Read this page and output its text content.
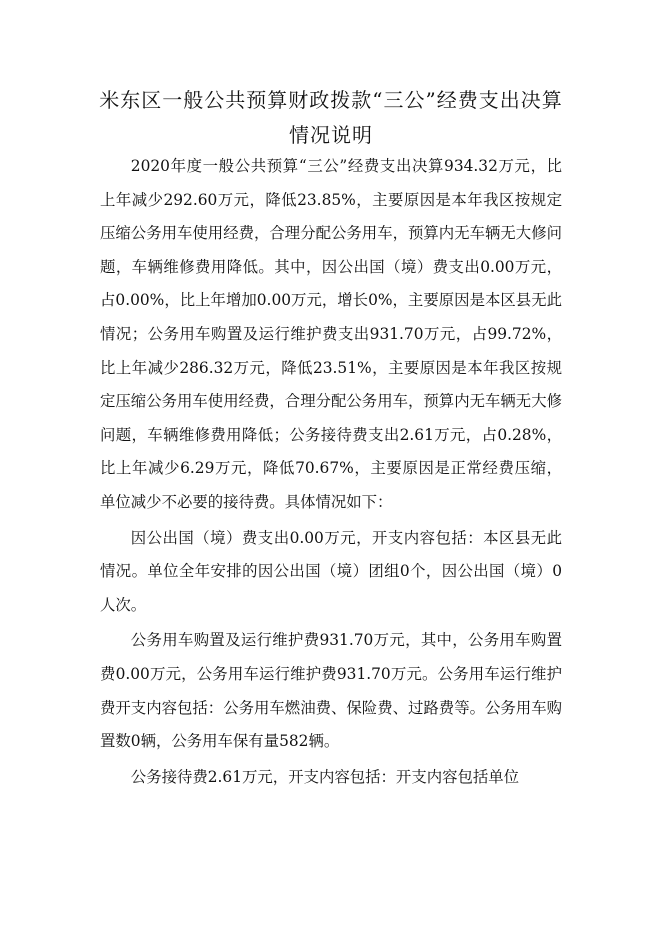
米东区一般公共预算财政拨款“三公”经费支出决算
情况说明

2020年度一般公共预算“三公”经费支出决算934.32万元，比上年减少292.60万元，降低23.85%，主要原因是本年我区按规定压缩公务用车使用经费，合理分配公务用车，预算内无车辆无大修问题，车辆维修费用降低。其中，因公出国（境）费支出0.00万元，占0.00%，比上年增加0.00万元，增长0%，主要原因是本区县无此情况；公务用车购置及运行维护费支出931.70万元，占99.72%，比上年减少286.32万元，降低23.51%，主要原因是本年我区按规定压缩公务用车使用经费，合理分配公务用车，预算内无车辆无大修问题，车辆维修费用降低；公务接待费支出2.61万元，占0.28%，比上年减少6.29万元，降低70.67%，主要原因是正常经费压缩，单位减少不必要的接待费。具体情况如下：

因公出国（境）费支出0.00万元，开支内容包括：本区县无此情况。单位全年安排的因公出国（境）团组0个，因公出国（境）0人次。

公务用车购置及运行维护费931.70万元，其中，公务用车购置费0.00万元，公务用车运行维护费931.70万元。公务用车运行维护费开支内容包括：公务用车燃油费、保险费、过路费等。公务用车购置数0辆，公务用车保有量582辆。

公务接待费2.61万元，开支内容包括：开支内容包括单位
